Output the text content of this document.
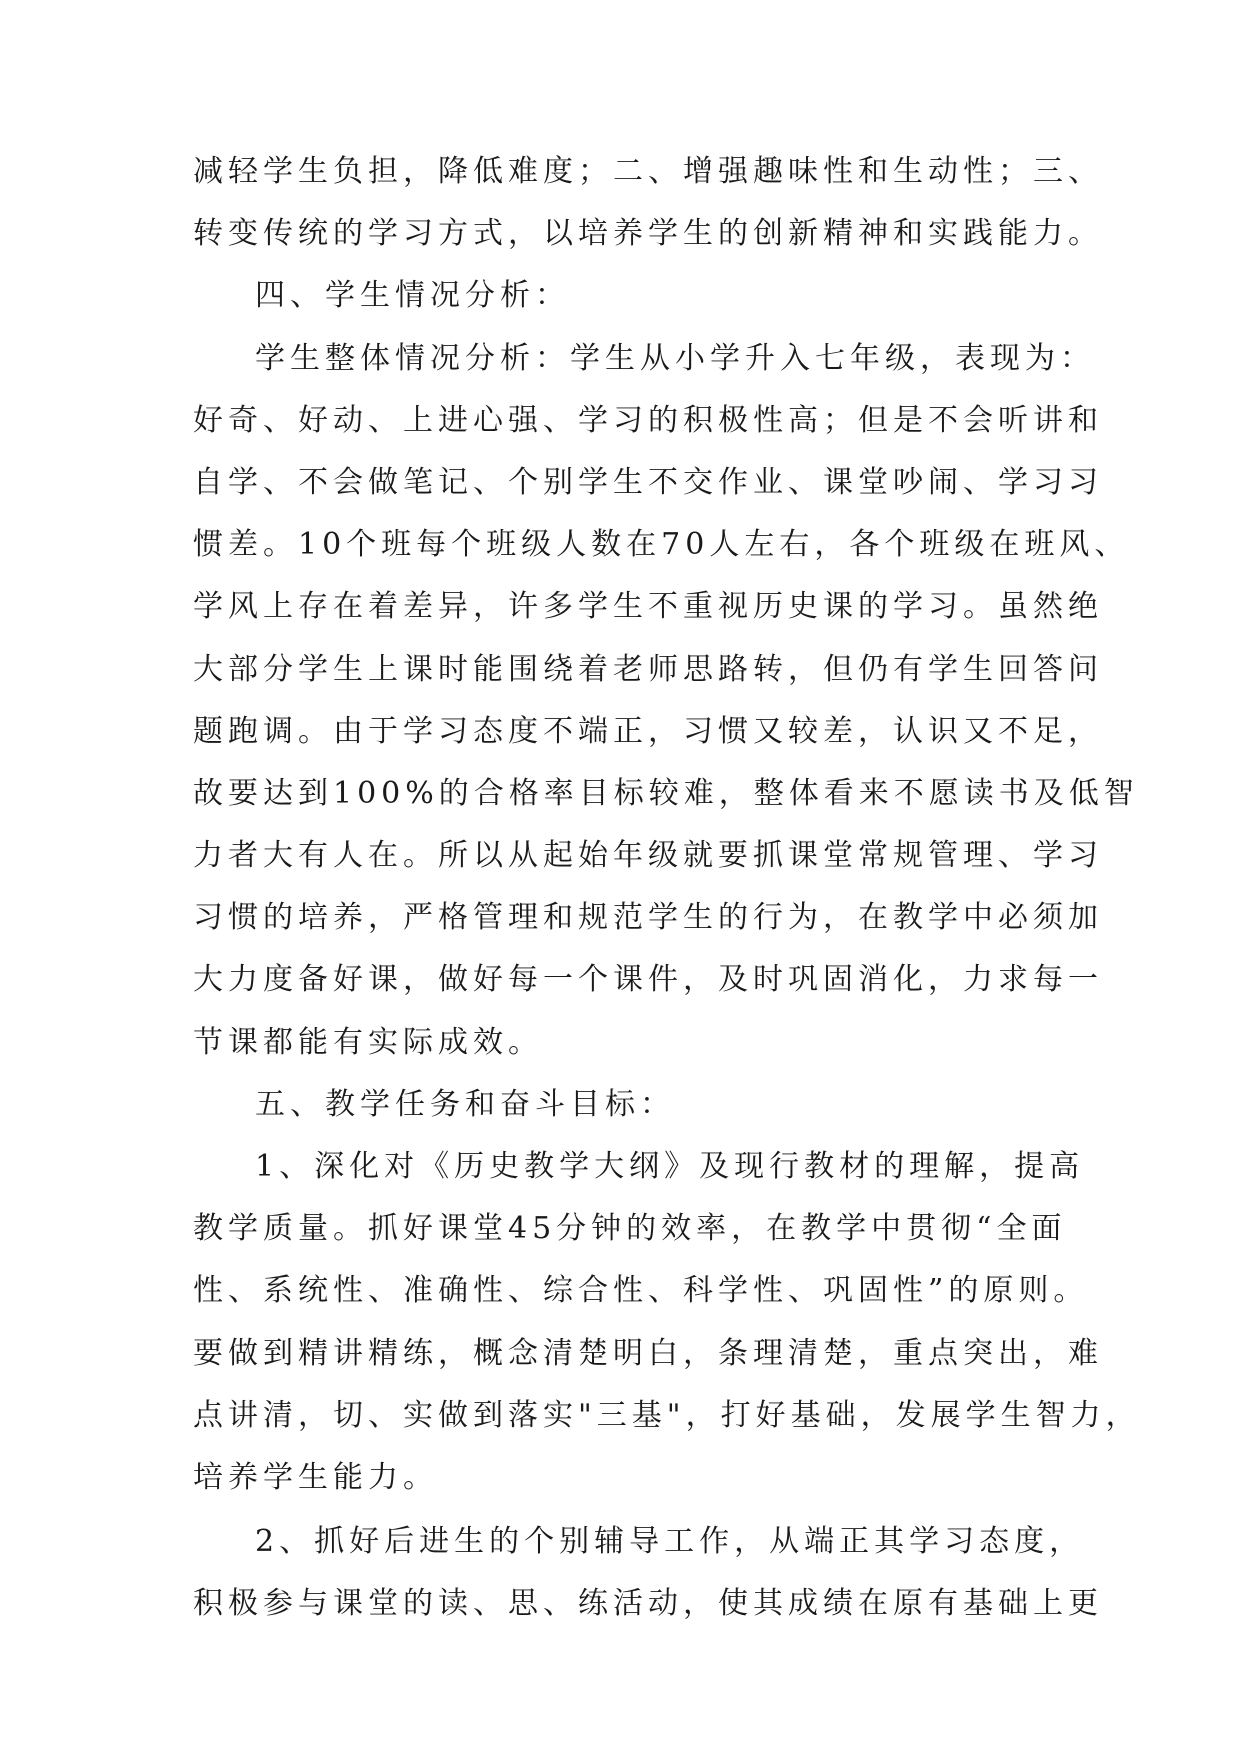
减轻学生负担，降低难度；二、增强趣味性和生动性；三、
转变传统的学习方式，以培养学生的创新精神和实践能力。
四、学生情况分析：
学生整体情况分析：学生从小学升入七年级，表现为：
好奇、好动、上进心强、学习的积极性高；但是不会听讲和
自学、不会做笔记、个别学生不交作业、课堂吵闹、学习习
惯差。10个班每个班级人数在70人左右，各个班级在班风、
学风上存在着差异，许多学生不重视历史课的学习。虽然绝
大部分学生上课时能围绕着老师思路转，但仍有学生回答问
题跑调。由于学习态度不端正，习惯又较差，认识又不足，
故要达到100%的合格率目标较难，整体看来不愿读书及低智
力者大有人在。所以从起始年级就要抓课堂常规管理、学习
习惯的培养，严格管理和规范学生的行为，在教学中必须加
大力度备好课，做好每一个课件，及时巩固消化，力求每一
节课都能有实际成效。
五、教学任务和奋斗目标：
1、深化对《历史教学大纲》及现行教材的理解，提高
教学质量。抓好课堂45分钟的效率，在教学中贯彻“全面
性、系统性、准确性、综合性、科学性、巩固性”的原则。
要做到精讲精练，概念清楚明白，条理清楚，重点突出，难
点讲清，切、实做到落实"三基"，打好基础，发展学生智力，
培养学生能力。
2、抓好后进生的个别辅导工作，从端正其学习态度，
积极参与课堂的读、思、练活动，使其成绩在原有基础上更
